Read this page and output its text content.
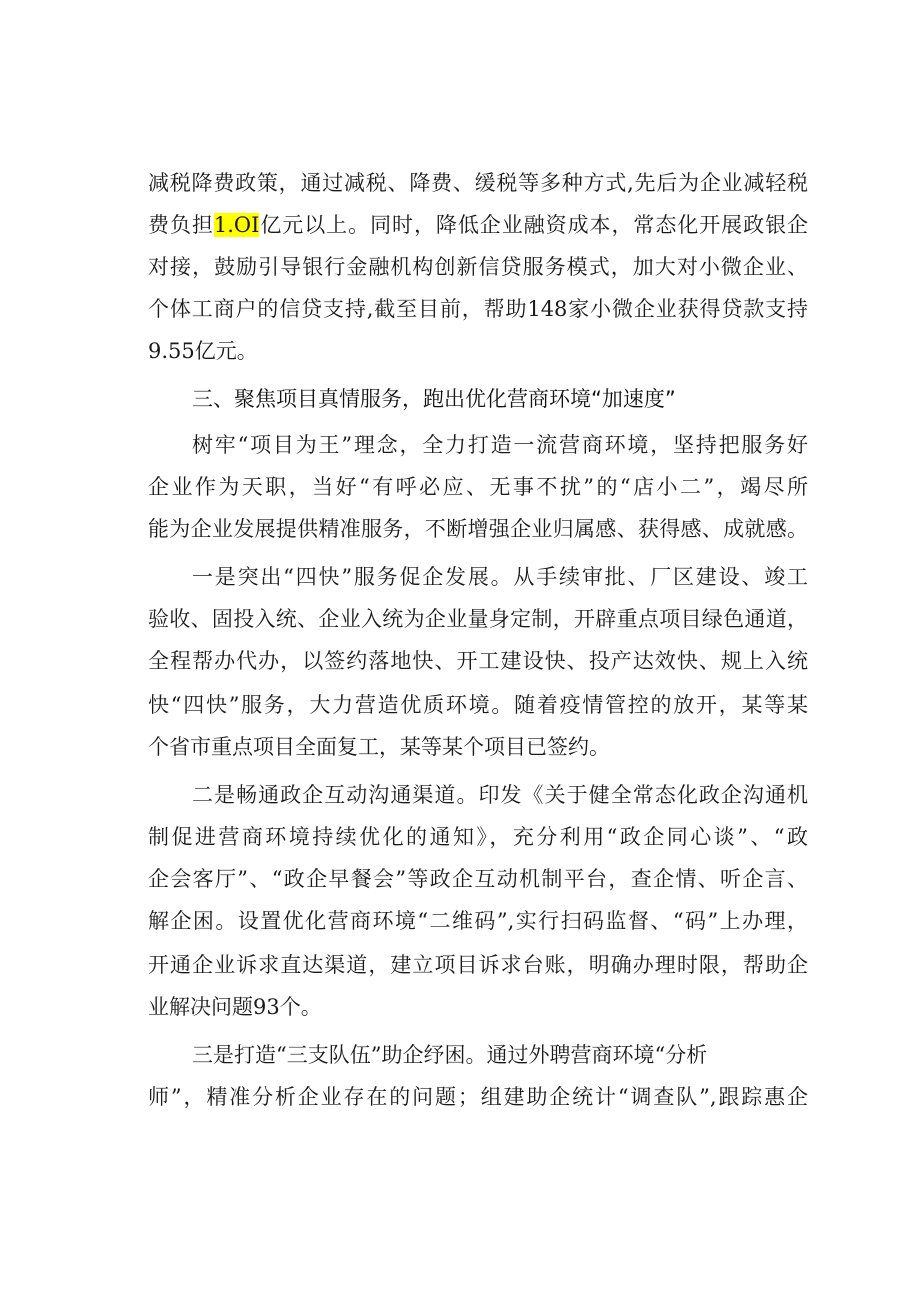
减税降费政策，通过减税、降费、缓税等多种方式,先后为企业减轻税
费负担1.OI亿元以上。同时，降低企业融资成本，常态化开展政银企
对接，鼓励引导银行金融机构创新信贷服务模式，加大对小微企业、
个体工商户的信贷支持,截至目前，帮助148家小微企业获得贷款支持
9.55亿元。
三、聚焦项目真情服务，跑出优化营商环境“加速度”
树牢“项目为王”理念，全力打造一流营商环境，坚持把服务好
企业作为天职，当好“有呼必应、无事不扰”的“店小二”，竭尽所
能为企业发展提供精准服务，不断增强企业归属感、获得感、成就感。
一是突出“四快”服务促企发展。从手续审批、厂区建设、竣工
验收、固投入统、企业入统为企业量身定制，开辟重点项目绿色通道，
全程帮办代办，以签约落地快、开工建设快、投产达效快、规上入统
快“四快”服务，大力营造优质环境。随着疫情管控的放开，某等某
个省市重点项目全面复工，某等某个项目已签约。
二是畅通政企互动沟通渠道。印发《关于健全常态化政企沟通机
制促进营商环境持续优化的通知》，充分利用“政企同心谈”、“政
企会客厅”、“政企早餐会”等政企互动机制平台，查企情、听企言、
解企困。设置优化营商环境“二维码”,实行扫码监督、“码”上办理，
开通企业诉求直达渠道，建立项目诉求台账，明确办理时限，帮助企
业解决问题93个。
三是打造“三支队伍”助企纾困。通过外聘营商环境“分析
师”，精准分析企业存在的问题；组建助企统计“调查队”,跟踪惠企
